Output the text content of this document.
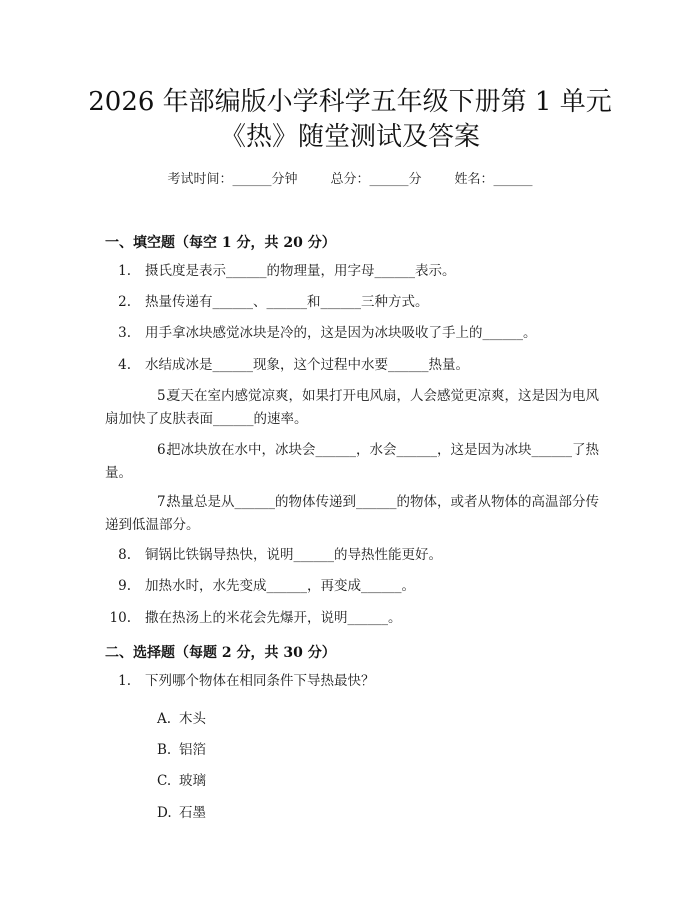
2026 年部编版小学科学五年级下册第 1 单元
《热》随堂测试及答案
考试时间：______分钟        总分：______分        姓名：______
一、填空题（每空 1 分，共 20 分）
1. 摄氏度是表示______的物理量，用字母______表示。
2. 热量传递有______、______和______三种方式。
3. 用手拿冰块感觉冰块是冷的，这是因为冰块吸收了手上的______。
4. 水结成冰是______现象，这个过程中水要______热量。
5.夏天在室内感觉凉爽，如果打开电风扇，人会感觉更凉爽，这是因为电风扇加快了皮肤表面______的速率。
6.把冰块放在水中，冰块会______，水会______，这是因为冰块______了热量。
7.热量总是从______的物体传递到______的物体，或者从物体的高温部分传递到低温部分。
8. 铜锅比铁锅导热快，说明______的导热性能更好。
9. 加热水时，水先变成______，再变成______。
10. 撒在热汤上的米花会先爆开，说明______。
二、选择题（每题 2 分，共 30 分）
1. 下列哪个物体在相同条件下导热最快？
A. 木头
B. 铝箔
C. 玻璃
D. 石墨
